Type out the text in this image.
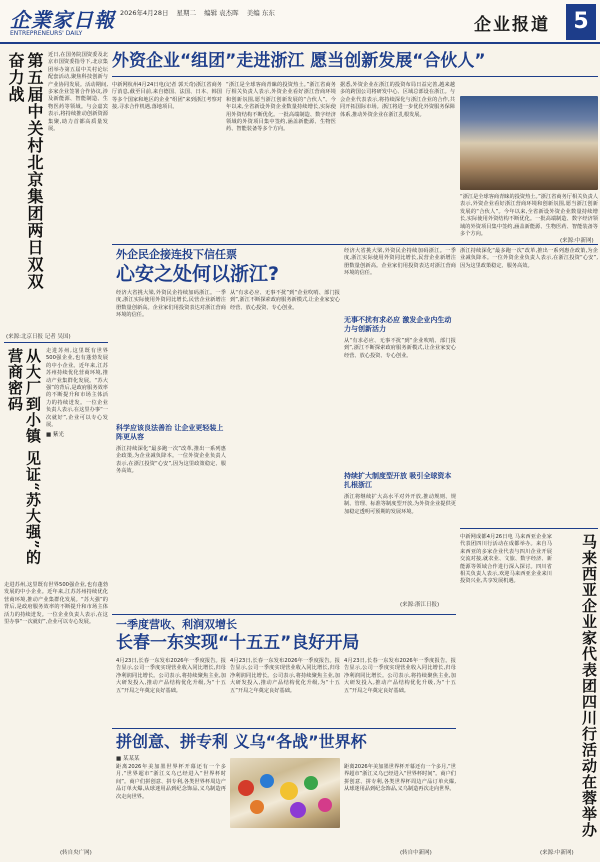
企業家日報
ENTREPRENEURS' DAILY
2026年4月28日 星期二 编辑 袁杰晖 美编 东东
企业报道	5
外资企业“组团”走进浙江 愿当创新发展“合伙人”
第五届中关村北京集团两日双双奋力战	近日,在国务院国资委及北京市国资委指导下,北京集团举办第五届中关村论坛配套活动,聚焦科技创新与产业协同发展。活动期间,多家企业签署合作协议,涉及新能源、智能制造、生物医药等领域。与会嘉宾表示,将持续推动创新资源集聚,助力首都高质量发展。
(来源:北京日报 记者 吴国)
从大厂到小镇 见证“苏大强”的营商密码
■ 紫光
走进苏州,这里既有世界500强企业,也有蓬勃发展的中小企业。近年来,江苏苏州持续优化营商环境,推动产业集群化发展。“苏大强”的背后,是政府服务效率的不断提升和市场主体活力的持续迸发。一位企业负责人表示,在这里办事“一次就好”,企业可以专心发展。
走进苏州,这里既有世界500强企业,也有蓬勃发展的中小企业。近年来,江苏苏州持续优化营商环境,推动产业集群化发展。“苏大强”的背后,是政府服务效率的不断提升和市场主体活力的持续迸发。一位企业负责人表示,在这里办事“一次就好”,企业可以专心发展。
(转自央广网)
中新网杭州4月24日电(记者 郭天奇)浙江省商务厅消息,截至目前,来自德国、法国、日本、韩国等多个国家和地区的企业“组团”来到浙江考察对接,寻求合作机遇,落地项目。
“浙江是全球客商青睐的投资热土。”浙江省商务厅相关负责人表示,外资企业看好浙江营商环境和创新氛围,愿当浙江创新发展的“合伙人”。今年以来,全省新设外资企业数量持续增长,实际使用外资结构不断优化。一批高端制造、数字经济领域的外资项目集中签约,涵盖新能源、生物医药、智能装备等多个方向。
据悉,外资企业在浙江的投资布局日益完善,越来越多的跨国公司将研发中心、区域总部设在浙江。与会企业代表表示,将持续深化与浙江企业的合作,共同开拓国际市场。浙江将进一步优化外资服务保障体系,推动外资企业在浙江扎根发展。
“浙江是全球客商青睐的投资热土。”浙江省商务厅相关负责人表示,外资企业看好浙江营商环境和创新氛围,愿当浙江创新发展的“合伙人”。今年以来,全省新设外资企业数量持续增长,实际使用外资结构不断优化。一批高端制造、数字经济领域的外资项目集中签约,涵盖新能源、生物医药、智能装备等多个方向。
(来源:中新网)
外企民企接连投下信任票
心安之处何以浙江?
经济大省挑大梁,外资民企持续加码浙江。一季度,浙江实际使用外资同比增长,民营企业新增注册数量创新高。企业家们用投资表达对浙江营商环境的信任。
科学应该良法善治 让企业更轻装上阵更从容
浙江持续深化“最多跑一次”改革,推出一系列惠企政策,为企业减负降本。一位外资企业负责人表示,在浙江投资“心安”,因为这里政策稳定、服务高效。
从“有求必应、无事不扰”到“企业吹哨、部门报到”,浙江不断探索政府服务新模式,让企业家安心经营、放心投资、专心创业。
经济大省挑大梁,外资民企持续加码浙江。一季度,浙江实际使用外资同比增长,民营企业新增注册数量创新高。企业家们用投资表达对浙江营商环境的信任。
无事不扰有求必应 激发企业内生动力与创新活力
从“有求必应、无事不扰”到“企业吹哨、部门报到”,浙江不断探索政府服务新模式,让企业家安心经营、放心投资、专心创业。
持续扩大制度型开放 吸引全球资本扎根浙江
浙江将继续扩大高水平对外开放,推动规则、规制、管理、标准等制度型开放,为外资企业提供更加稳定透明可预期的发展环境。
(来源:浙江日报)
浙江持续深化“最多跑一次”改革,推出一系列惠企政策,为企业减负降本。一位外资企业负责人表示,在浙江投资“心安”,因为这里政策稳定、服务高效。
中新网成都4月26日电 马来西亚企业家代表团四川行活动在成都举办。来自马来西亚的多家企业代表与四川企业开展交流对接,就农业、文旅、数字经济、新能源等领域合作进行深入探讨。四川省相关负责人表示,欢迎马来西亚企业来川投资兴业,共享发展机遇。	马来西亚企业家代表团四川行活动在蓉举办
(来源:中新网)
一季度营收、利润双增长
长春一东实现“十五五”良好开局
4月23日,长春一东发布2026年一季度报告。报告显示,公司一季度实现营业收入同比增长,归母净利润同比增长。公司表示,将持续聚焦主业,加大研发投入,推动产品结构优化升级,为“十五五”开局之年奠定良好基础。
4月23日,长春一东发布2026年一季度报告。报告显示,公司一季度实现营业收入同比增长,归母净利润同比增长。公司表示,将持续聚焦主业,加大研发投入,推动产品结构优化升级,为“十五五”开局之年奠定良好基础。
4月23日,长春一东发布2026年一季度报告。报告显示,公司一季度实现营业收入同比增长,归母净利润同比增长。公司表示,将持续聚焦主业,加大研发投入,推动产品结构优化升级,为“十五五”开局之年奠定良好基础。
拼创意、拼专利 义乌“各战”世界杯
■ 某某某
距离2026年美加墨世界杯开幕还有一个多月,“世界超市”浙江义乌已经进入“世界杯时间”。商户们拼创意、拼专利,各类世界杯周边产品订单火爆,从球迷用品到纪念饰品,义乌制造再次走向世界。
距离2026年美加墨世界杯开幕还有一个多月,“世界超市”浙江义乌已经进入“世界杯时间”。商户们拼创意、拼专利,各类世界杯周边产品订单火爆,从球迷用品到纪念饰品,义乌制造再次走向世界。
(转自中新网)
